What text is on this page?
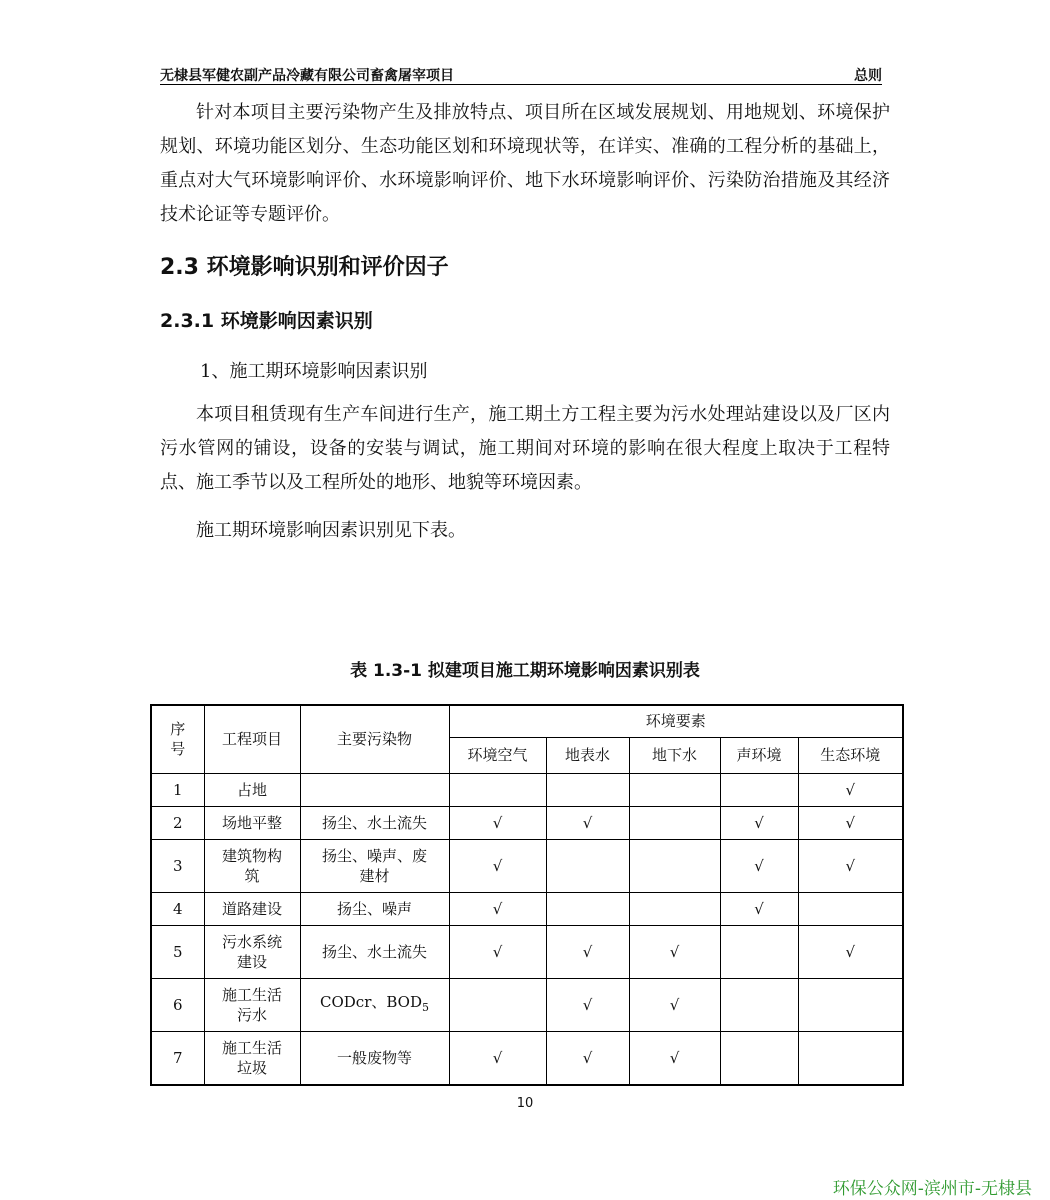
无棣县军健农副产品冷藏有限公司畜禽屠宰项目	总则

针对本项目主要污染物产生及排放特点、项目所在区域发展规划、用地规划、环境保护规划、环境功能区划分、生态功能区划和环境现状等，在详实、准确的工程分析的基础上，重点对大气环境影响评价、水环境影响评价、地下水环境影响评价、污染防治措施及其经济技术论证等专题评价。

2.3 环境影响识别和评价因子
2.3.1 环境影响因素识别
1、施工期环境影响因素识别

本项目租赁现有生产车间进行生产，施工期土方工程主要为污水处理站建设以及厂区内污水管网的铺设，设备的安装与调试，施工期间对环境的影响在很大程度上取决于工程特点、施工季节以及工程所处的地形、地貌等环境因素。

施工期环境影响因素识别见下表。

表 1.3-1 拟建项目施工期环境影响因素识别表
序号	工程项目	主要污染物	环境要素				
			环境空气	地表水	地下水	声环境	生态环境
1	占地						√
2	场地平整	扬尘、水土流失	√	√		√	√
3	建筑物构筑	扬尘、噪声、废建材	√			√	√
4	道路建设	扬尘、噪声	√			√	
5	污水系统建设	扬尘、水土流失	√	√	√		√
6	施工生活污水	CODcr、$BOD_5$		√	√		
7	施工生活垃圾	一般废物等	√	√	√		
10
环保公众网-滨州市-无棣县
